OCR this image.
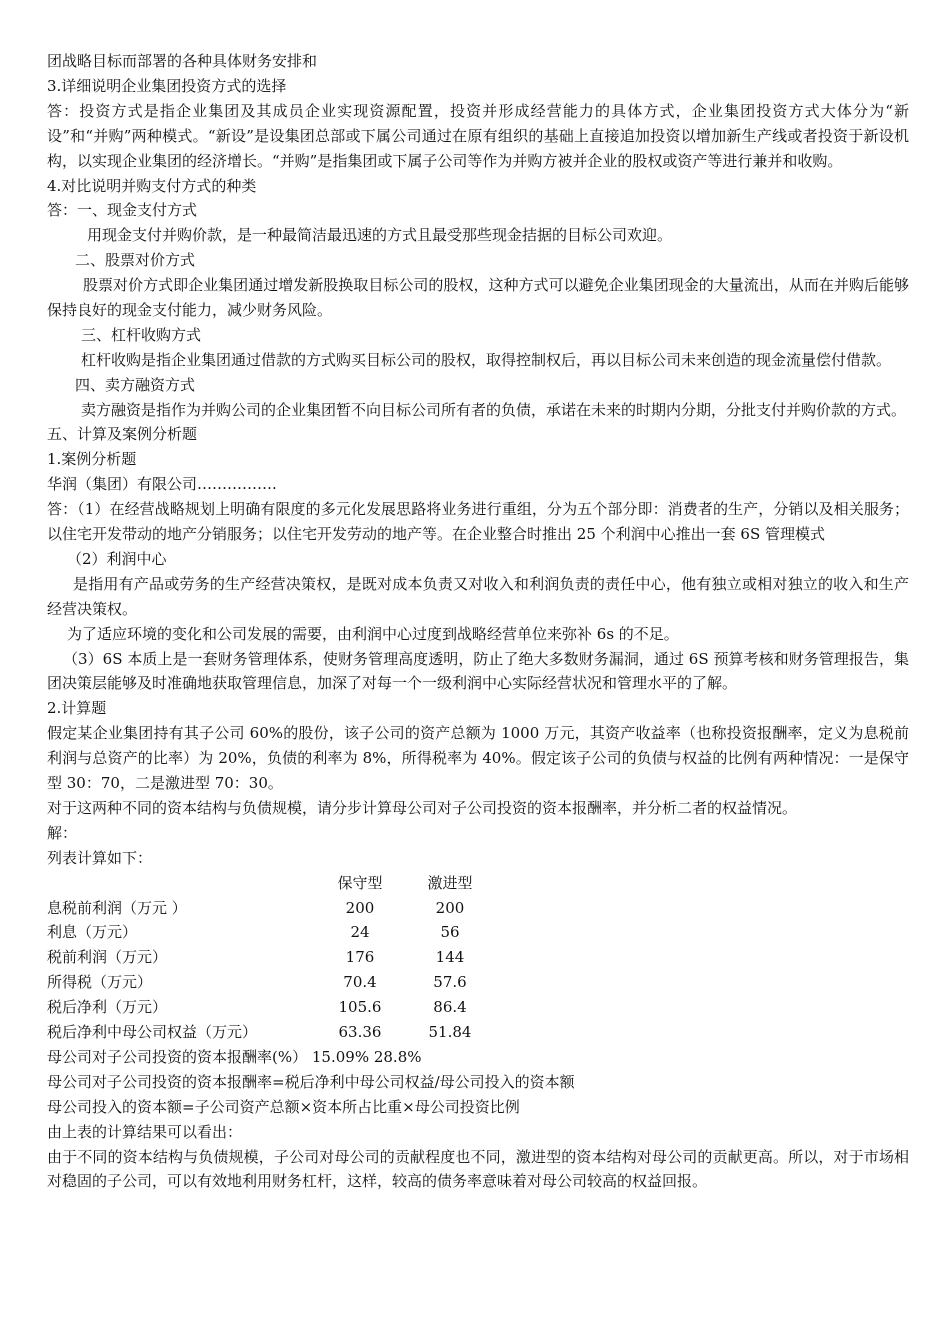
团战略目标而部署的各种具体财务安排和
3.详细说明企业集团投资方式的选择
答：投资方式是指企业集团及其成员企业实现资源配置，投资并形成经营能力的具体方式，企业集团投资方式大体分为“新设”和“并购”两种模式。“新设”是设集团总部或下属公司通过在原有组织的基础上直接追加投资以增加新生产线或者投资于新设机构，以实现企业集团的经济增长。“并购”是指集团或下属子公司等作为并购方被并企业的股权或资产等进行兼并和收购。
4.对比说明并购支付方式的种类
答：一、现金支付方式
用现金支付并购价款，是一种最简洁最迅速的方式且最受那些现金拮据的目标公司欢迎。
二、股票对价方式
股票对价方式即企业集团通过增发新股换取目标公司的股权，这种方式可以避免企业集团现金的大量流出，从而在并购后能够保持良好的现金支付能力，减少财务风险。
三、杠杆收购方式
杠杆收购是指企业集团通过借款的方式购买目标公司的股权，取得控制权后，再以目标公司未来创造的现金流量偿付借款。
四、卖方融资方式
卖方融资是指作为并购公司的企业集团暂不向目标公司所有者的负债，承诺在未来的时期内分期，分批支付并购价款的方式。
五、计算及案例分析题
1.案例分析题
华润（集团）有限公司…………….
答：（1）在经营战略规划上明确有限度的多元化发展思路将业务进行重组，分为五个部分即：消费者的生产，分销以及相关服务；以住宅开发带动的地产分销服务；以住宅开发劳动的地产等。在企业整合时推出 25 个利润中心推出一套 6S 管理模式
（2）利润中心
是指用有产品或劳务的生产经营决策权，是既对成本负责又对收入和利润负责的责任中心，他有独立或相对独立的收入和生产经营决策权。
为了适应环境的变化和公司发展的需要，由利润中心过度到战略经营单位来弥补 6s 的不足。
（3）6S 本质上是一套财务管理体系，使财务管理高度透明，防止了绝大多数财务漏洞，通过 6S 预算考核和财务管理报告，集团决策层能够及时准确地获取管理信息，加深了对每一个一级利润中心实际经营状况和管理水平的了解。
2.计算题
假定某企业集团持有其子公司 60%的股份，该子公司的资产总额为 1000 万元，其资产收益率（也称投资报酬率，定义为息税前利润与总资产的比率）为 20%，负债的利率为 8%，所得税率为 40%。假定该子公司的负债与权益的比例有两种情况：一是保守型 30：70，二是激进型 70：30。
对于这两种不同的资本结构与负债规模，请分步计算母公司对子公司投资的资本报酬率，并分析二者的权益情况。
解：
列表计算如下：
	保守型	激进型
息税前利润（万元 ）	200	200
利息（万元）	24	56
税前利润（万元）	176	144
所得税（万元）	70.4	57.6
税后净利（万元）	105.6	86.4
税后净利中母公司权益（万元）	63.36	51.84
母公司对子公司投资的资本报酬率(%） 15.09% 28.8%
母公司对子公司投资的资本报酬率=税后净利中母公司权益/母公司投入的资本额
母公司投入的资本额=子公司资产总额×资本所占比重×母公司投资比例
由上表的计算结果可以看出：
由于不同的资本结构与负债规模，子公司对母公司的贡献程度也不同，激进型的资本结构对母公司的贡献更高。所以，对于市场相对稳固的子公司，可以有效地利用财务杠杆，这样，较高的债务率意味着对母公司较高的权益回报。
